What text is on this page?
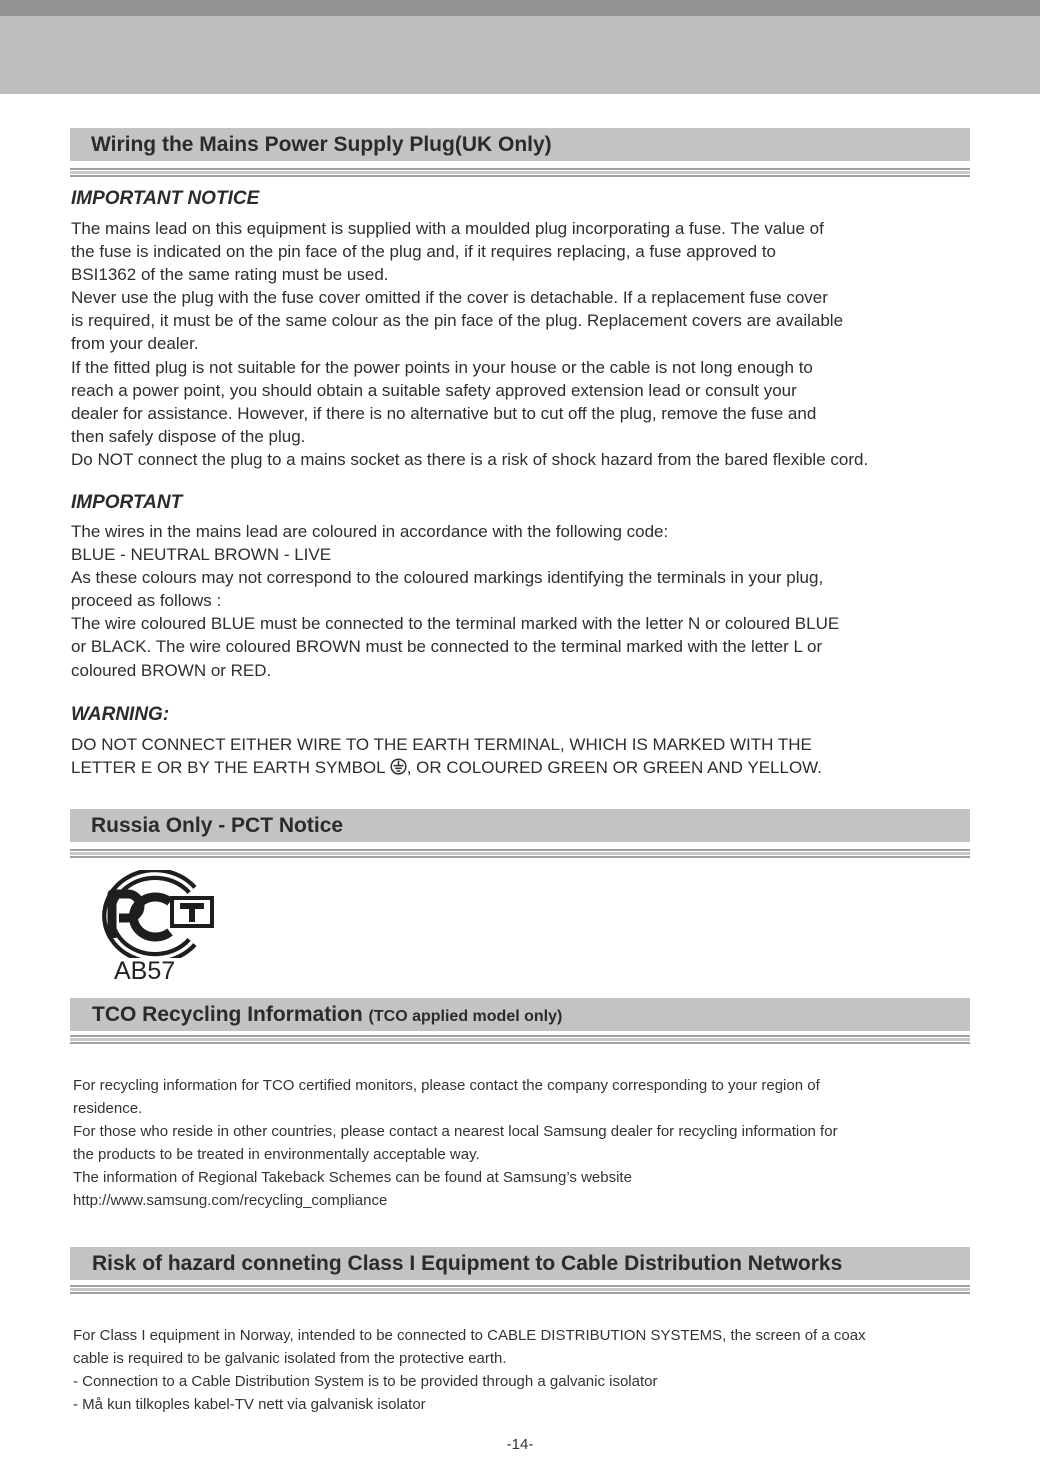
Wiring the Mains Power Supply Plug(UK Only)
IMPORTANT NOTICE
The mains lead on this equipment is supplied with a moulded plug incorporating a fuse. The value of
the fuse is indicated on the pin face of the plug and, if it requires replacing, a fuse approved to
BSI1362 of the same rating must be used.
Never use the plug with the fuse cover omitted if the cover is detachable. If a replacement fuse cover
is required, it must be of the same colour as the pin face of the plug. Replacement covers are available
from your dealer.
If the fitted plug is not suitable for the power points in your house or the cable is not long enough to
reach a power point, you should obtain a suitable safety approved extension lead or consult your
dealer for assistance. However, if there is no alternative but to cut off the plug, remove the fuse and
then safely dispose of the plug.
Do NOT connect the plug to a mains socket as there is a risk of shock hazard from the bared flexible cord.
IMPORTANT
The wires in the mains lead are coloured in accordance with the following code:
BLUE - NEUTRAL BROWN - LIVE
As these colours may not correspond to the coloured markings identifying the terminals in your plug,
proceed as follows :
The wire coloured BLUE must be connected to the terminal marked with the letter N or coloured BLUE
or BLACK. The wire coloured BROWN must be connected to the terminal marked with the letter L or
coloured BROWN or RED.
WARNING:
DO NOT CONNECT EITHER WIRE TO THE EARTH TERMINAL, WHICH IS MARKED WITH THE
LETTER E OR BY THE EARTH SYMBOL , OR COLOURED GREEN OR GREEN AND YELLOW.
Russia Only - PCT Notice
AB57
TCO Recycling Information (TCO applied model only)
For recycling information for TCO certified monitors, please contact the company corresponding to your region of
residence.
For those who reside in other countries, please contact a nearest local Samsung dealer for recycling information for
the products to be treated in environmentally acceptable way.
The information of Regional Takeback Schemes can be found at Samsung’s website
http://www.samsung.com/recycling_compliance
Risk of hazard conneting Class I Equipment to Cable Distribution Networks
For Class I equipment in Norway, intended to be connected to CABLE DISTRIBUTION SYSTEMS, the screen of a coax
cable is required to be galvanic isolated from the protective earth.
- Connection to a Cable Distribution System is to be provided through a galvanic isolator
- Må kun tilkoples kabel-TV nett via galvanisk isolator
-14-
